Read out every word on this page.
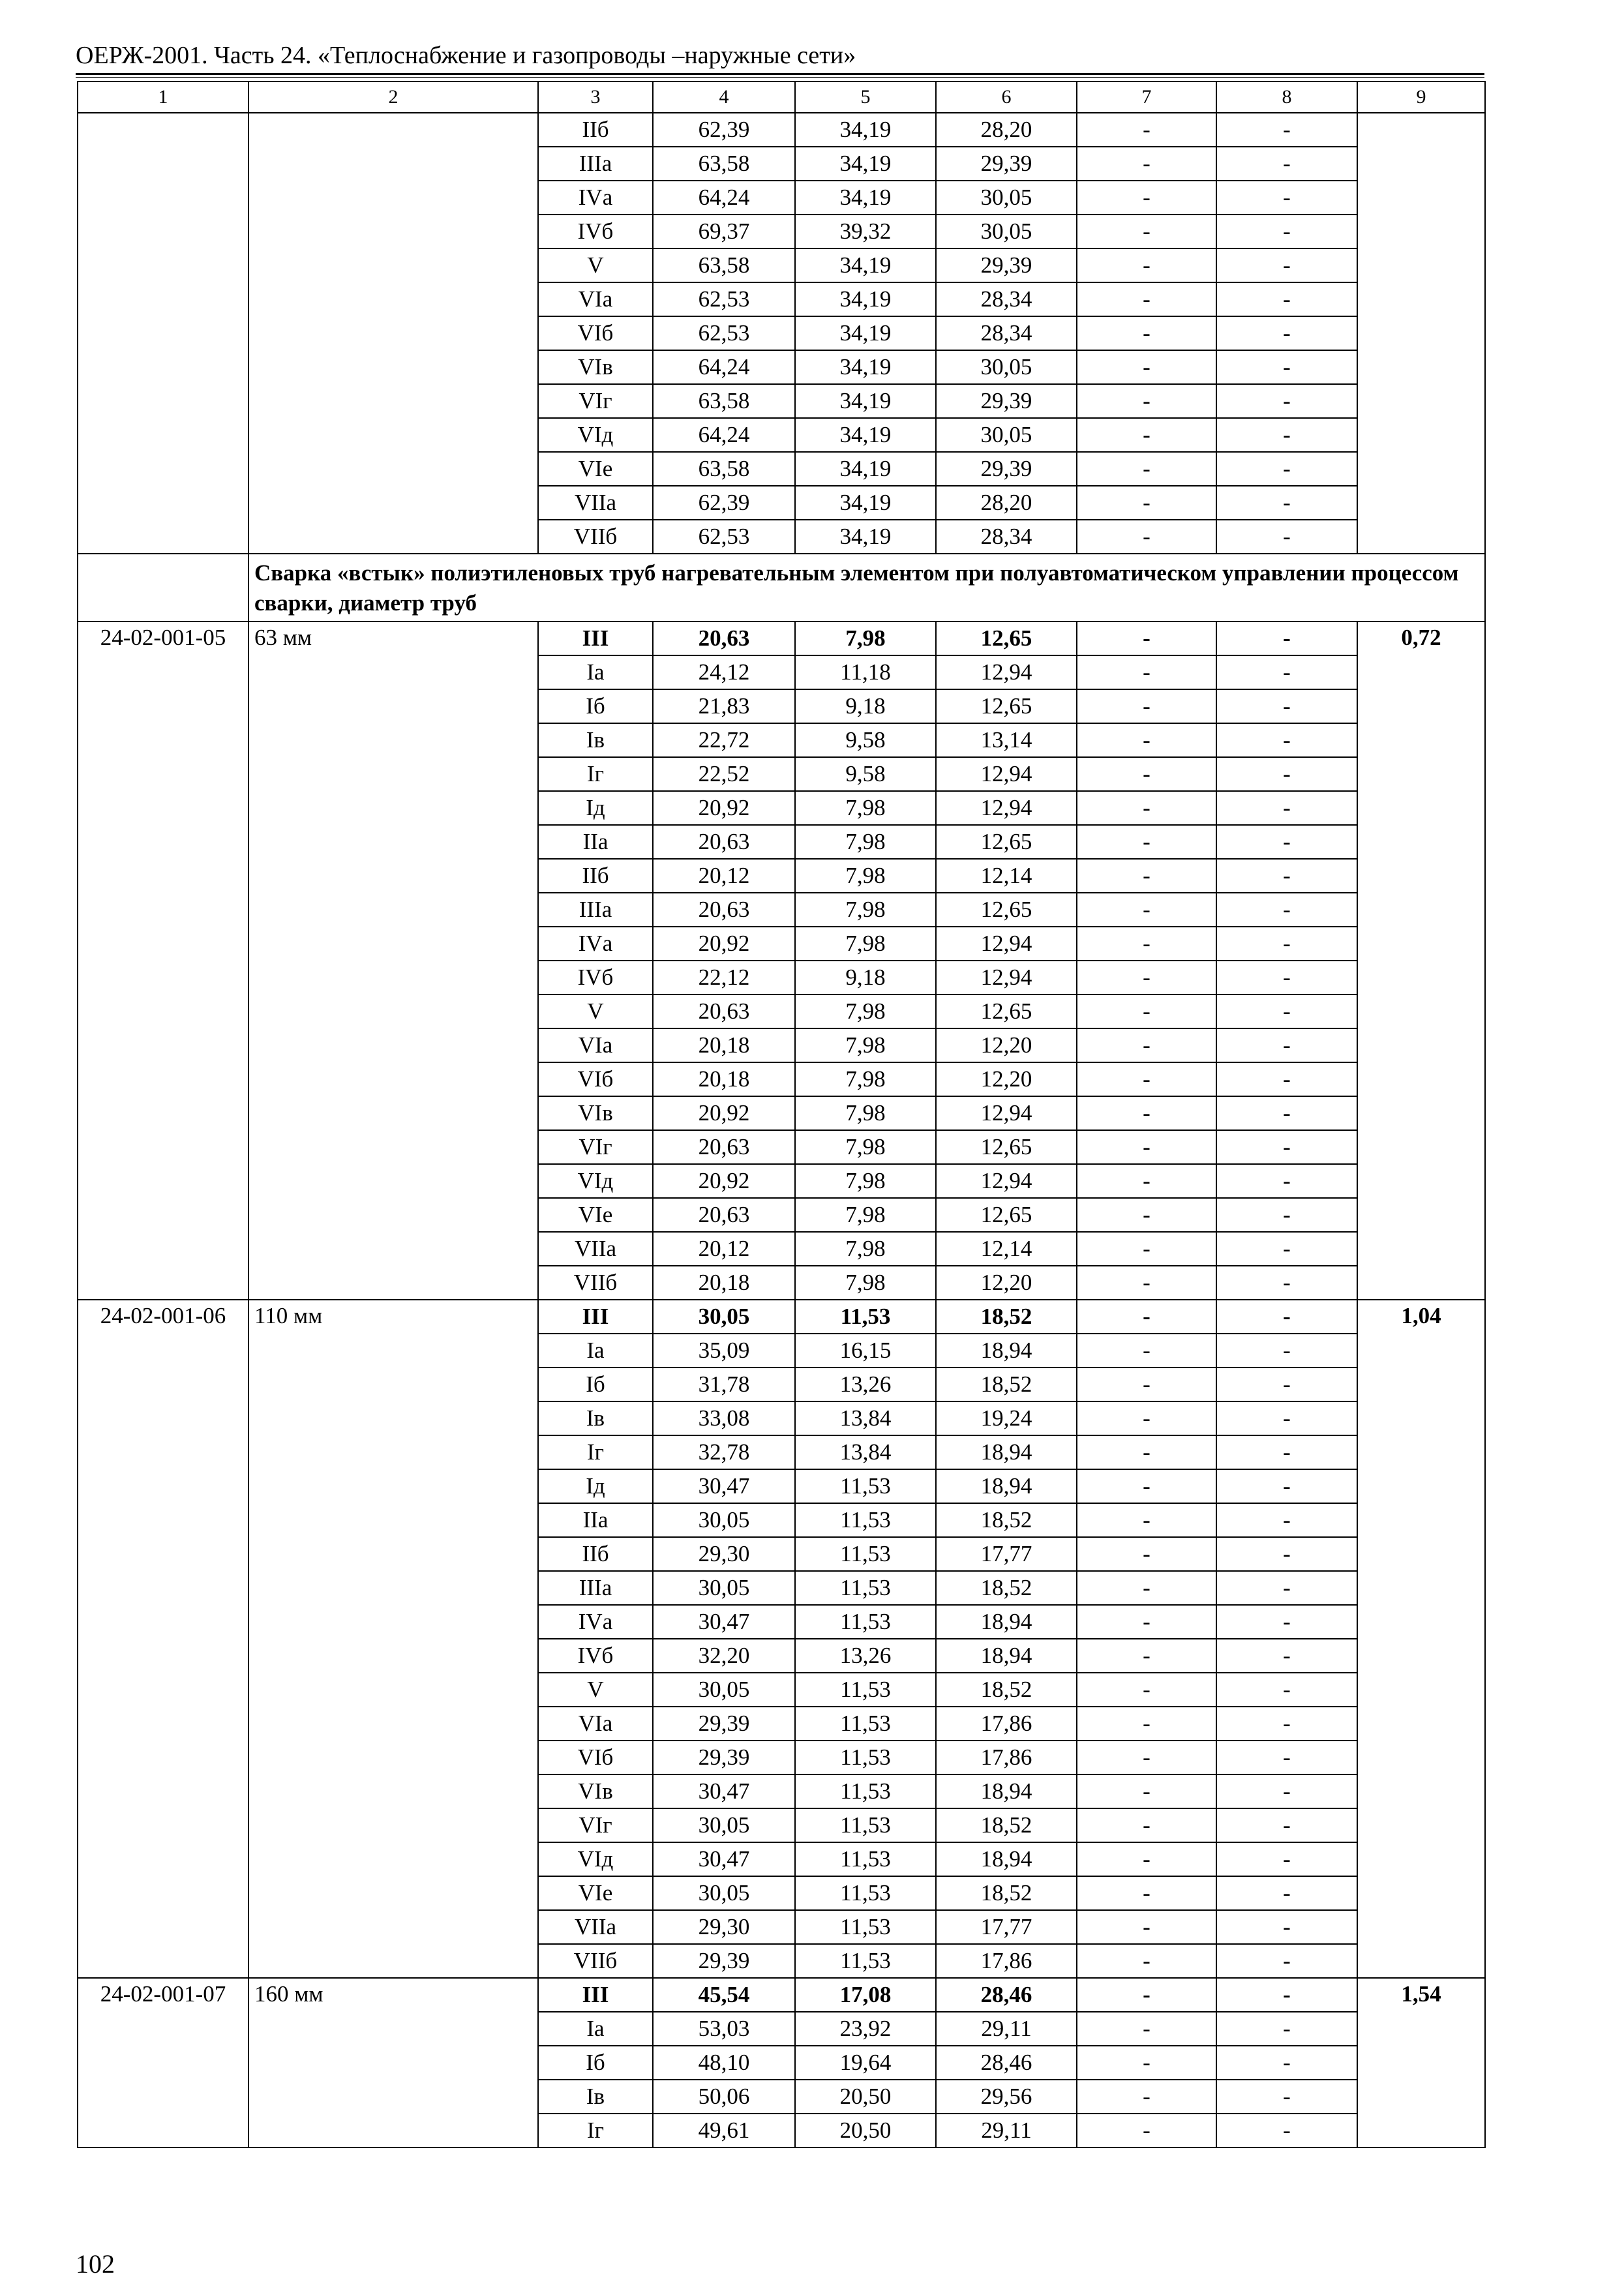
ОЕРЖ-2001. Часть 24. «Теплоснабжение и газопроводы –наружные сети»
1	2	3	4	5	6	7	8	9
		IIб	62,39	34,19	28,20	-	-	
		IIIа	63,58	34,19	29,39	-	-	
		IVа	64,24	34,19	30,05	-	-	
		IVб	69,37	39,32	30,05	-	-	
		V	63,58	34,19	29,39	-	-	
		VIа	62,53	34,19	28,34	-	-	
		VIб	62,53	34,19	28,34	-	-	
		VIв	64,24	34,19	30,05	-	-	
		VIг	63,58	34,19	29,39	-	-	
		VIд	64,24	34,19	30,05	-	-	
		VIе	63,58	34,19	29,39	-	-	
		VIIа	62,39	34,19	28,20	-	-	
		VIIб	62,53	34,19	28,34	-	-	
	Сварка «встык» полиэтиленовых труб нагревательным элементом при полуавтоматическом управлении процессом сварки, диаметр труб							
24-02-001-05	63 мм	III	20,63	7,98	12,65	-	-	0,72
		Iа	24,12	11,18	12,94	-	-	
		Iб	21,83	9,18	12,65	-	-	
		Iв	22,72	9,58	13,14	-	-	
		Iг	22,52	9,58	12,94	-	-	
		Iд	20,92	7,98	12,94	-	-	
		IIа	20,63	7,98	12,65	-	-	
		IIб	20,12	7,98	12,14	-	-	
		IIIа	20,63	7,98	12,65	-	-	
		IVа	20,92	7,98	12,94	-	-	
		IVб	22,12	9,18	12,94	-	-	
		V	20,63	7,98	12,65	-	-	
		VIа	20,18	7,98	12,20	-	-	
		VIб	20,18	7,98	12,20	-	-	
		VIв	20,92	7,98	12,94	-	-	
		VIг	20,63	7,98	12,65	-	-	
		VIд	20,92	7,98	12,94	-	-	
		VIе	20,63	7,98	12,65	-	-	
		VIIа	20,12	7,98	12,14	-	-	
		VIIб	20,18	7,98	12,20	-	-	
24-02-001-06	110 мм	III	30,05	11,53	18,52	-	-	1,04
		Iа	35,09	16,15	18,94	-	-	
		Iб	31,78	13,26	18,52	-	-	
		Iв	33,08	13,84	19,24	-	-	
		Iг	32,78	13,84	18,94	-	-	
		Iд	30,47	11,53	18,94	-	-	
		IIа	30,05	11,53	18,52	-	-	
		IIб	29,30	11,53	17,77	-	-	
		IIIа	30,05	11,53	18,52	-	-	
		IVа	30,47	11,53	18,94	-	-	
		IVб	32,20	13,26	18,94	-	-	
		V	30,05	11,53	18,52	-	-	
		VIа	29,39	11,53	17,86	-	-	
		VIб	29,39	11,53	17,86	-	-	
		VIв	30,47	11,53	18,94	-	-	
		VIг	30,05	11,53	18,52	-	-	
		VIд	30,47	11,53	18,94	-	-	
		VIе	30,05	11,53	18,52	-	-	
		VIIа	29,30	11,53	17,77	-	-	
		VIIб	29,39	11,53	17,86	-	-	
24-02-001-07	160 мм	III	45,54	17,08	28,46	-	-	1,54
		Iа	53,03	23,92	29,11	-	-	
		Iб	48,10	19,64	28,46	-	-	
		Iв	50,06	20,50	29,56	-	-	
		Iг	49,61	20,50	29,11	-	-	
102
